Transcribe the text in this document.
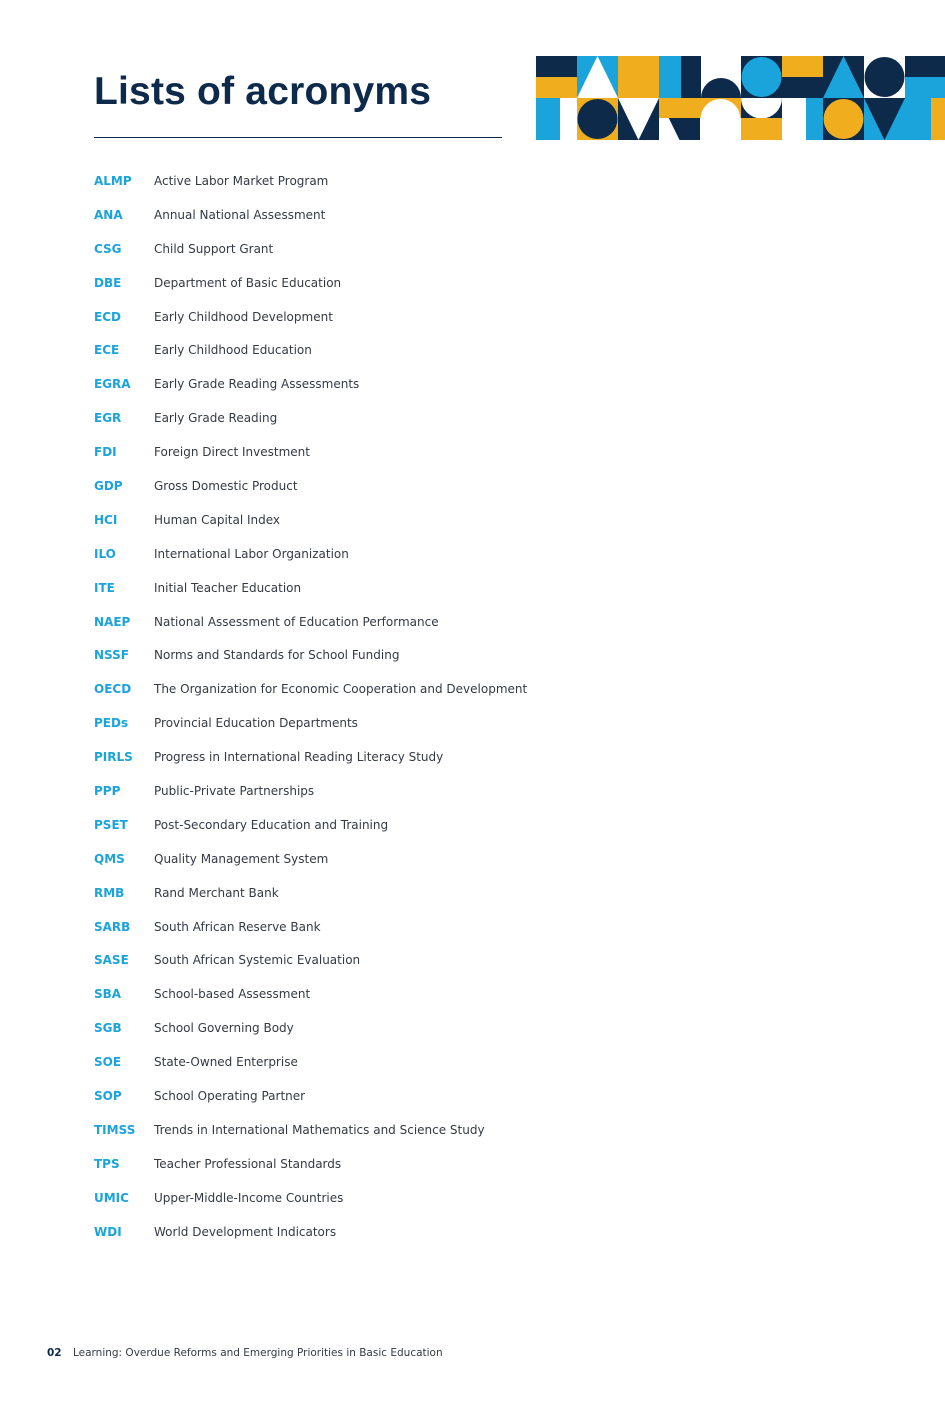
Lists of acronyms
ALMP	Active Labor Market Program
ANA	Annual National Assessment
CSG	Child Support Grant
DBE	Department of Basic Education
ECD	Early Childhood Development
ECE	Early Childhood Education
EGRA	Early Grade Reading Assessments
EGR	Early Grade Reading
FDI	Foreign Direct Investment
GDP	Gross Domestic Product
HCI	Human Capital Index
ILO	International Labor Organization
ITE	Initial Teacher Education
NAEP	National Assessment of Education Performance
NSSF	Norms and Standards for School Funding
OECD	The Organization for Economic Cooperation and Development
PEDs	Provincial Education Departments
PIRLS	Progress in International Reading Literacy Study
PPP	Public-Private Partnerships
PSET	Post-Secondary Education and Training
QMS	Quality Management System
RMB	Rand Merchant Bank
SARB	South African Reserve Bank
SASE	South African Systemic Evaluation
SBA	School-based Assessment
SGB	School Governing Body
SOE	State-Owned Enterprise
SOP	School Operating Partner
TIMSS	Trends in International Mathematics and Science Study
TPS	Teacher Professional Standards
UMIC	Upper-Middle-Income Countries
WDI	World Development Indicators
02 Learning: Overdue Reforms and Emerging Priorities in Basic Education
